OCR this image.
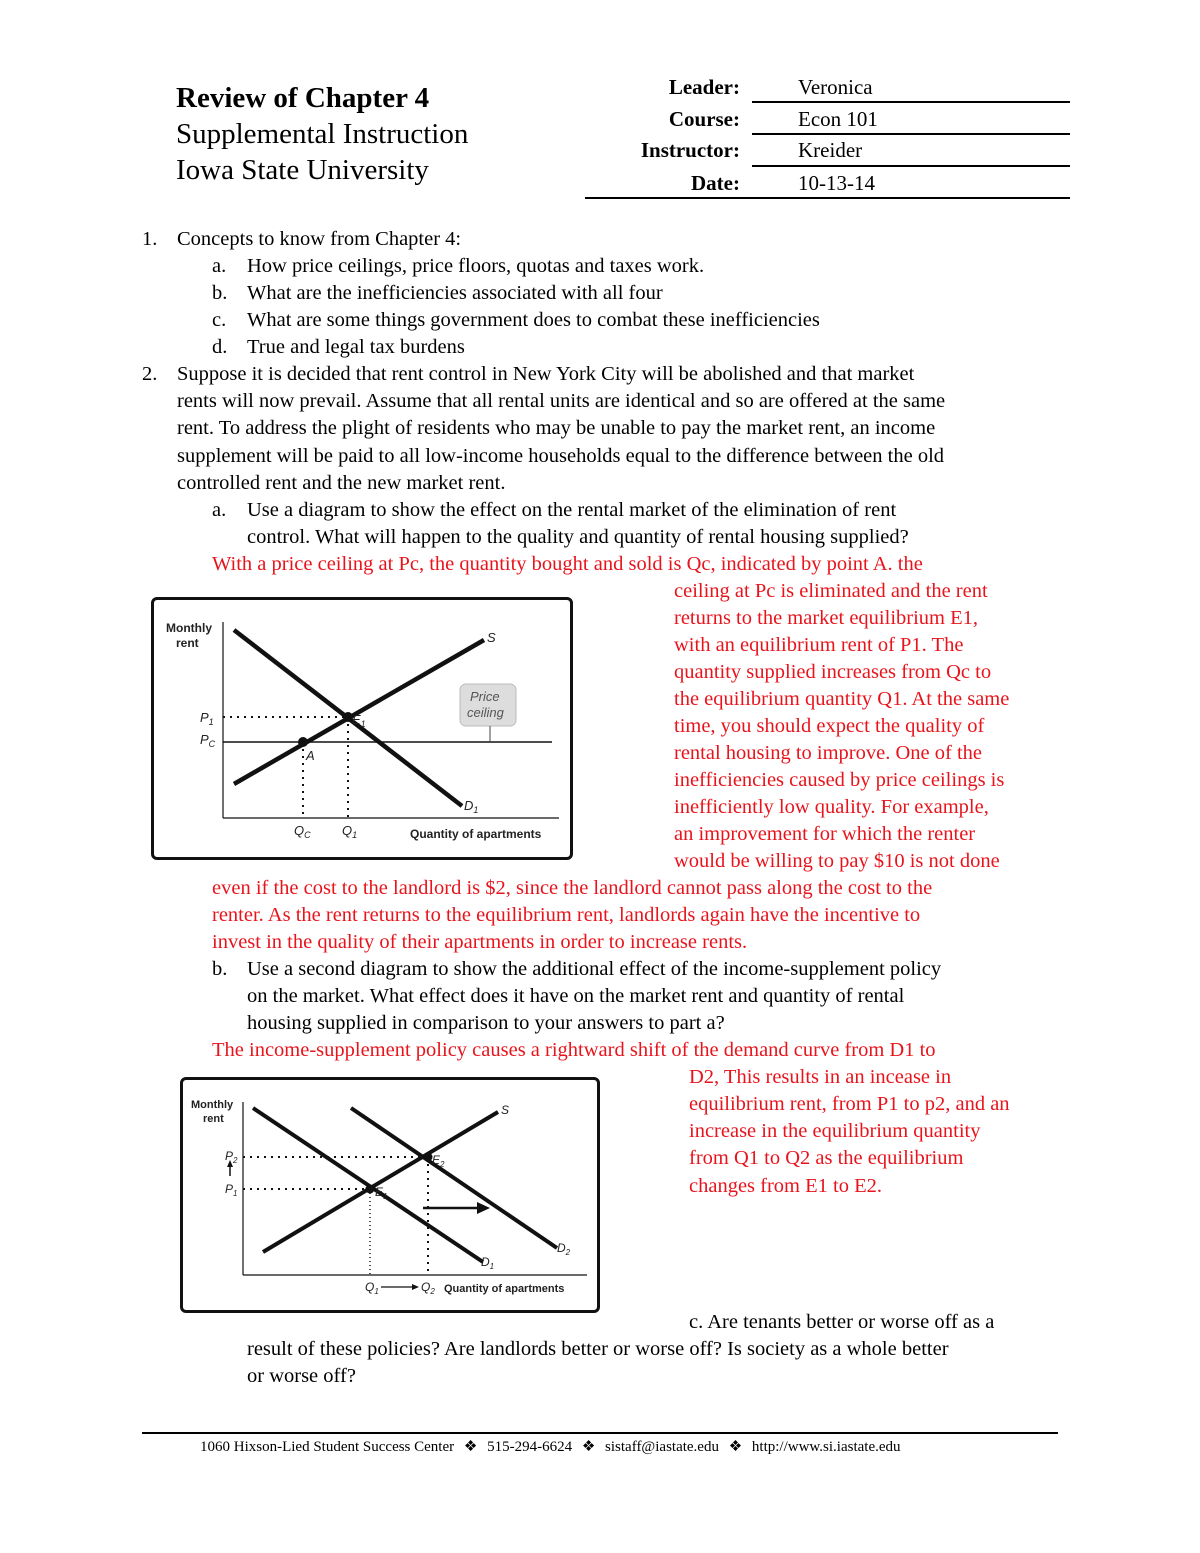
Review of Chapter 4
Supplemental Instruction
Iowa State University
Leader:	Veronica
Course:	Econ 101
Instructor:	Kreider
Date:	10-13-14
1. Concepts to know from Chapter 4:
a. How price ceilings, price floors, quotas and taxes work.
b. What are the inefficiencies associated with all four
c. What are some things government does to combat these inefficiencies
d. True and legal tax burdens
2. Suppose it is decided that rent control in New York City will be abolished and that market
rents will now prevail. Assume that all rental units are identical and so are offered at the same
rent. To address the plight of residents who may be unable to pay the market rent, an income
supplement will be paid to all low-income households equal to the difference between the old
controlled rent and the new market rent.
a. Use a diagram to show the effect on the rental market of the elimination of rent
control. What will happen to the quality and quantity of rental housing supplied?
With a price ceiling at Pc, the quantity bought and sold is Qc, indicated by point A. the
ceiling at Pc is eliminated and the rent
returns to the market equilibrium E1,
with an equilibrium rent of P1. The
quantity supplied increases from Qc to
the equilibrium quantity Q1. At the same
time, you should expect the quality of
rental housing to improve. One of the
inefficiencies caused by price ceilings is
inefficiently low quality. For example,
an improvement for which the renter
would be willing to pay $10 is not done
even if the cost to the landlord is $2, since the landlord cannot pass along the cost to the
renter. As the rent returns to the equilibrium rent, landlords again have the incentive to
invest in the quality of their apartments in order to increase rents.
Monthly
rent
Price
ceiling
S
$D_1$
$P_1$
$P_C$
$E_1$
A
$Q_C$ $Q_1$	Quantity of apartments
b. Use a second diagram to show the additional effect of the income-supplement policy
on the market. What effect does it have on the market rent and quantity of rental
housing supplied in comparison to your answers to part a?
The income-supplement policy causes a rightward shift of the demand curve from D1 to
D2, This results in an incease in
equilibrium rent, from P1 to p2, and an
increase in the equilibrium quantity
from Q1 to Q2 as the equilibrium
changes from E1 to E2.
Monthly
rent
S
$D_1$
$D_2$
$P_2$
$P_1$
$E_2$
$E_1$
$Q_1$	$Q_2$ Quantity of apartments
c. Are tenants better or worse off as a
result of these policies? Are landlords better or worse off? Is society as a whole better
or worse off?
1060 Hixson-Lied Student Success Center ❖ 515-294-6624 ❖ sistaff@iastate.edu ❖ http://www.si.iastate.edu
